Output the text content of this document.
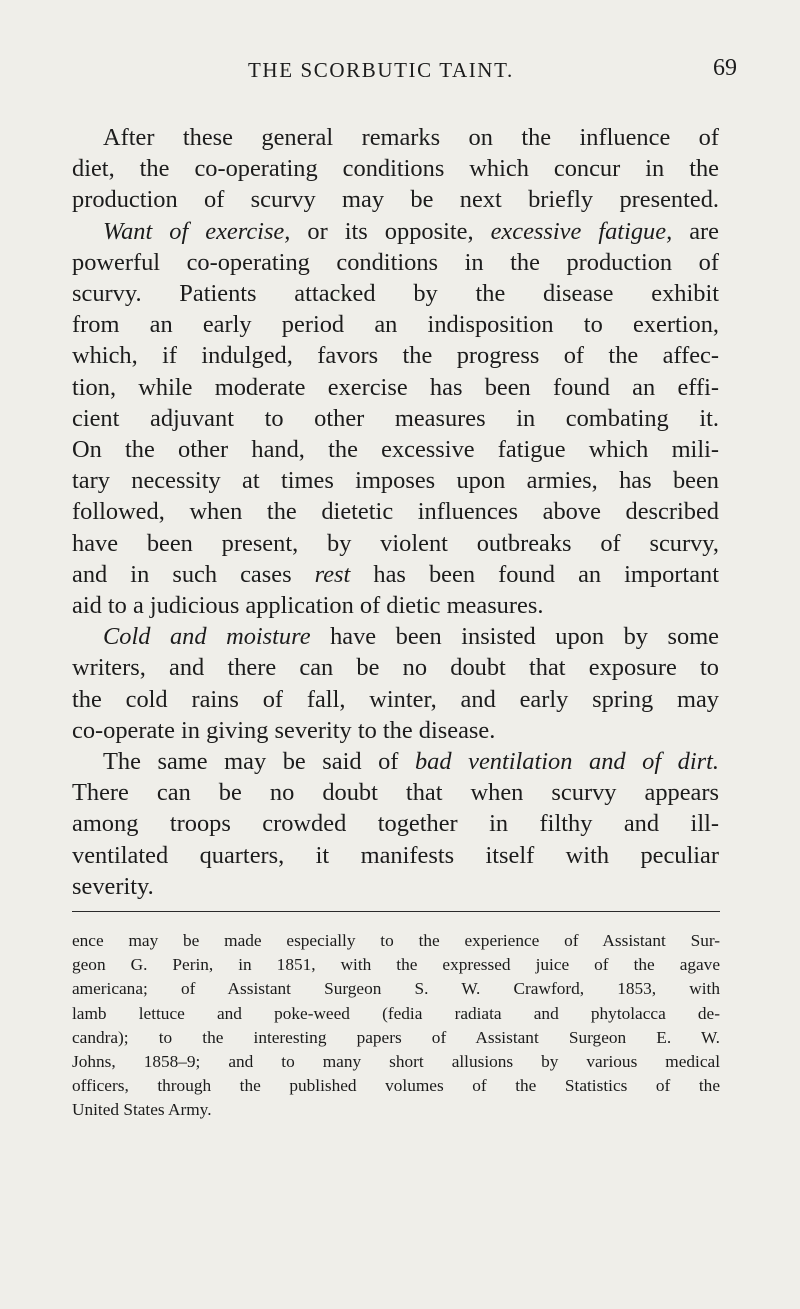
THE SCORBUTIC TAINT.	69
After these general remarks on the influence of
diet, the co-operating conditions which concur in the
production of scurvy may be next briefly presented.
Want of exercise, or its opposite, excessive fatigue, are
powerful co-operating conditions in the production of
scurvy. Patients attacked by the disease exhibit
from an early period an indisposition to exertion,
which, if indulged, favors the progress of the affec-
tion, while moderate exercise has been found an effi-
cient adjuvant to other measures in combating it.
On the other hand, the excessive fatigue which mili-
tary necessity at times imposes upon armies, has been
followed, when the dietetic influences above described
have been present, by violent outbreaks of scurvy,
and in such cases rest has been found an important
aid to a judicious application of dietic measures.
Cold and moisture have been insisted upon by some
writers, and there can be no doubt that exposure to
the cold rains of fall, winter, and early spring may
co-operate in giving severity to the disease.
The same may be said of bad ventilation and of dirt.
There can be no doubt that when scurvy appears
among troops crowded together in filthy and ill-
ventilated quarters, it manifests itself with peculiar
severity.
ence may be made especially to the experience of Assistant Sur-
geon G. Perin, in 1851, with the expressed juice of the agave
americana; of Assistant Surgeon S. W. Crawford, 1853, with
lamb lettuce and poke-weed (fedia radiata and phytolacca de-
candra); to the interesting papers of Assistant Surgeon E. W.
Johns, 1858–9; and to many short allusions by various medical
officers, through the published volumes of the Statistics of the
United States Army.
